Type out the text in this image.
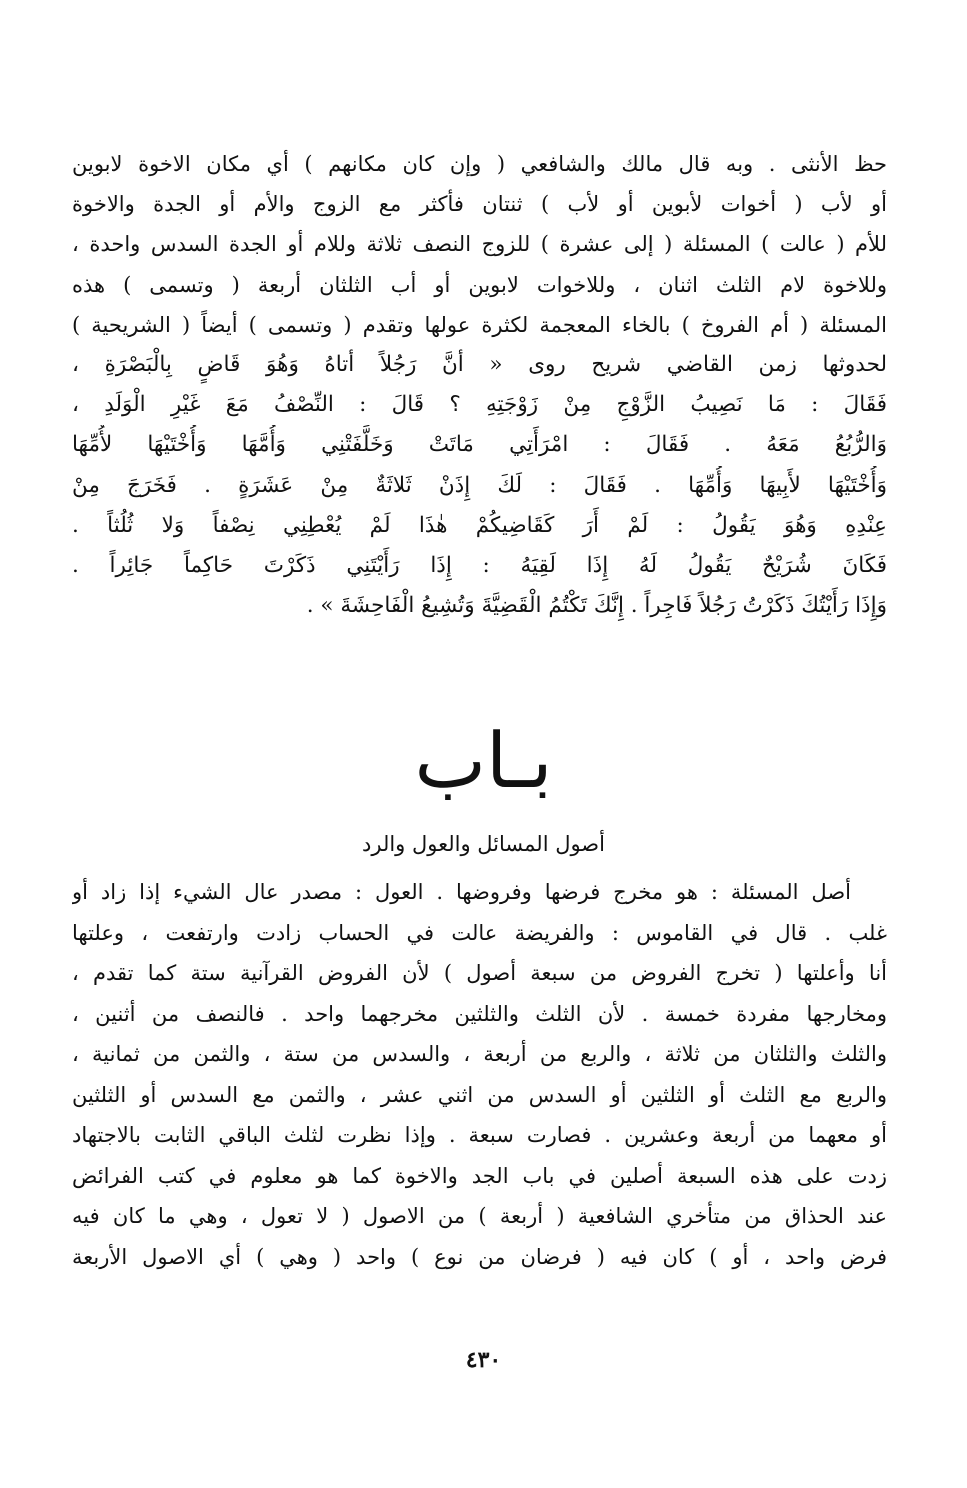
حظ الأنثى . وبه قال مالك والشافعي ( وإن كان مكانهم ) أي مكان الاخوة لابوين
أو لأب ( أخوات لأبوين أو لأب ) ثنتان فأكثر مع الزوج والأم أو الجدة والاخوة
للأم ( عالت ) المسئلة ( إلى عشرة ) للزوج النصف ثلاثة وللام أو الجدة السدس واحدة ،
وللاخوة لام الثلث اثنان ، وللاخوات لابوين أو أب الثلثان أربعة ( وتسمى ) هذه
المسئلة ( أم الفروخ ) بالخاء المعجمة لكثرة عولها وتقدم ( وتسمى ) أيضاً ( الشريحية )
لحدوثها زمن القاضي شريح روى « أنَّ رَجُلاً أتاهُ وَهُوَ قَاضٍ بِالْبَصْرَةِ ،
فَقَالَ : مَا نَصِيبُ الزَّوْجِ مِنْ زَوْجَتِهِ ؟ قَالَ : النِّصْفُ مَعَ غَيْرِ الْوَلَدِ ،
وَالرُّبُعُ مَعَهُ . فَقَالَ : امْرَأَتِي مَاتَتْ وَخَلَّفَتْنِي وَأُمَّهَا وَأُخْتَيْهَا لأُمِّهَا
وَأُخْتَيْهَا لأَبِيهَا وَأُمِّهَا . فَقَالَ : لَكَ إِذَنْ ثَلاثَةٌ مِنْ عَشَرَةٍ . فَخَرَجَ مِنْ
عِنْدِهِ وَهُوَ يَقُولُ : لَمْ أَرَ كَقَاضِيكُمْ هٰذَا لَمْ يُعْطِنِي نِصْفاً وَلا ثُلُثاً .
فَكَانَ شُرَيْحٌ يَقُولُ لَهُ إِذَا لَقِيَهُ : إِذَا رَأَيْتَنِي ذَكَرْتَ حَاكِماً جَائِراً .
وَإِذَا رَأَيْتُكَ ذَكَرْتُ رَجُلاً فَاجِراً . إِنَّكَ تَكْتُمُ الْقَضِيَّةَ وَتُشِيعُ الْفَاحِشَةَ » .
بـاب
أصول المسائل والعول والرد
أصل المسئلة : هو مخرج فرضها وفروضها . العول : مصدر عال الشيء إذا زاد أو
غلب . قال في القاموس : والفريضة عالت في الحساب زادت وارتفعت ، وعلتها
أنا وأعلتها ( تخرج الفروض من سبعة أصول ) لأن الفروض القرآنية ستة كما تقدم ،
ومخارجها مفردة خمسة . لأن الثلث والثلثين مخرجهما واحد . فالنصف من أثنين ،
والثلث والثلثان من ثلاثة ، والربع من أربعة ، والسدس من ستة ، والثمن من ثمانية ،
والربع مع الثلث أو الثلثين أو السدس من اثني عشر ، والثمن مع السدس أو الثلثين
أو معهما من أربعة وعشرين . فصارت سبعة . وإذا نظرت لثلث الباقي الثابت بالاجتهاد
زدت على هذه السبعة أصلين في باب الجد والاخوة كما هو معلوم في كتب الفرائض
عند الحذاق من متأخري الشافعية ( أربعة ) من الاصول ( لا تعول ، وهي ما كان فيه
فرض واحد ، أو ) كان فيه ( فرضان من نوع ) واحد ( وهي ) أي الاصول الأربعة
٤٣٠
